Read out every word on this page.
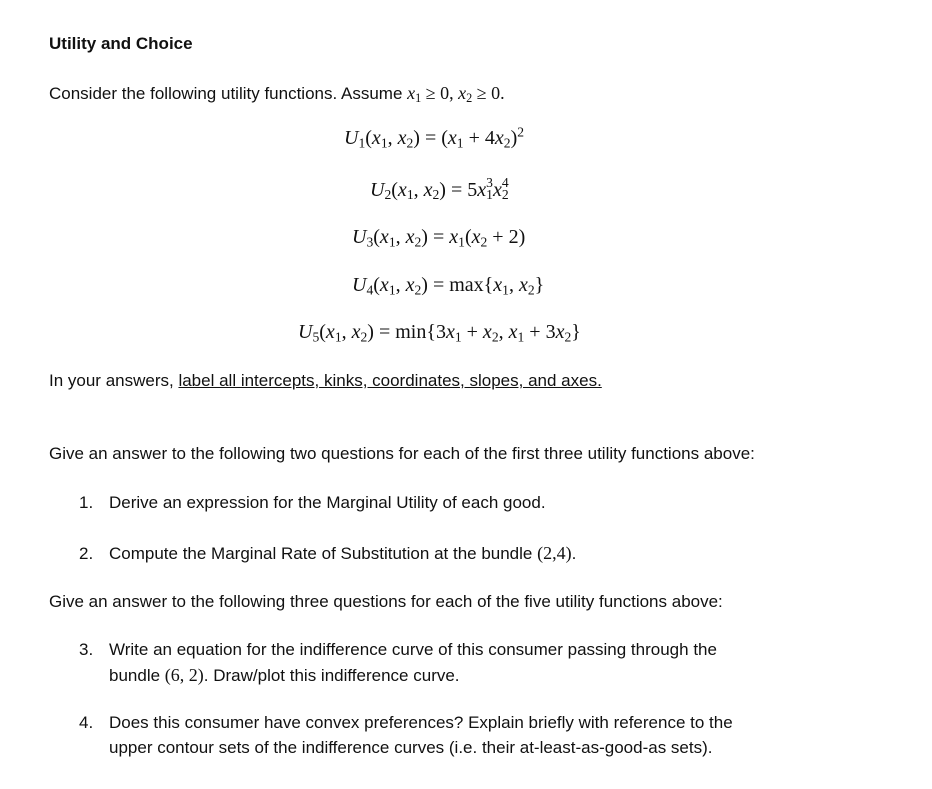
Utility and Choice
Consider the following utility functions. Assume $x_1 \ge 0$, $x_2 \ge 0$.
$U_1(x_1$, $x_2) = (x_1 + 4x_2)^2$
$U_2(x_1$, $x_2) = 5x$ 3
1 x 4
2
$U_3(x_1$, $x_2) = x_1(x_2 + 2)$
$U_4(x_1$, $x_2) = \max\{x_1$, $x_2$}
$U_5(x_1$, $x_2) = \min\{3x_1 + x_2$, $x_1 + 3x_2$}
In your answers, label all intercepts, kinks, coordinates, slopes, and axes.
Give an answer to the following two questions for each of the first three utility functions above:
1. Derive an expression for the Marginal Utility of each good.
2. Compute the Marginal Rate of Substitution at the bundle (2,4).
Give an answer to the following three questions for each of the five utility functions above:
3. Write an equation for the indifference curve of this consumer passing through the
bundle (6, 2). Draw/plot this indifference curve.
4. Does this consumer have convex preferences? Explain briefly with reference to the
upper contour sets of the indifference curves (i.e. their at-least-as-good-as sets).
